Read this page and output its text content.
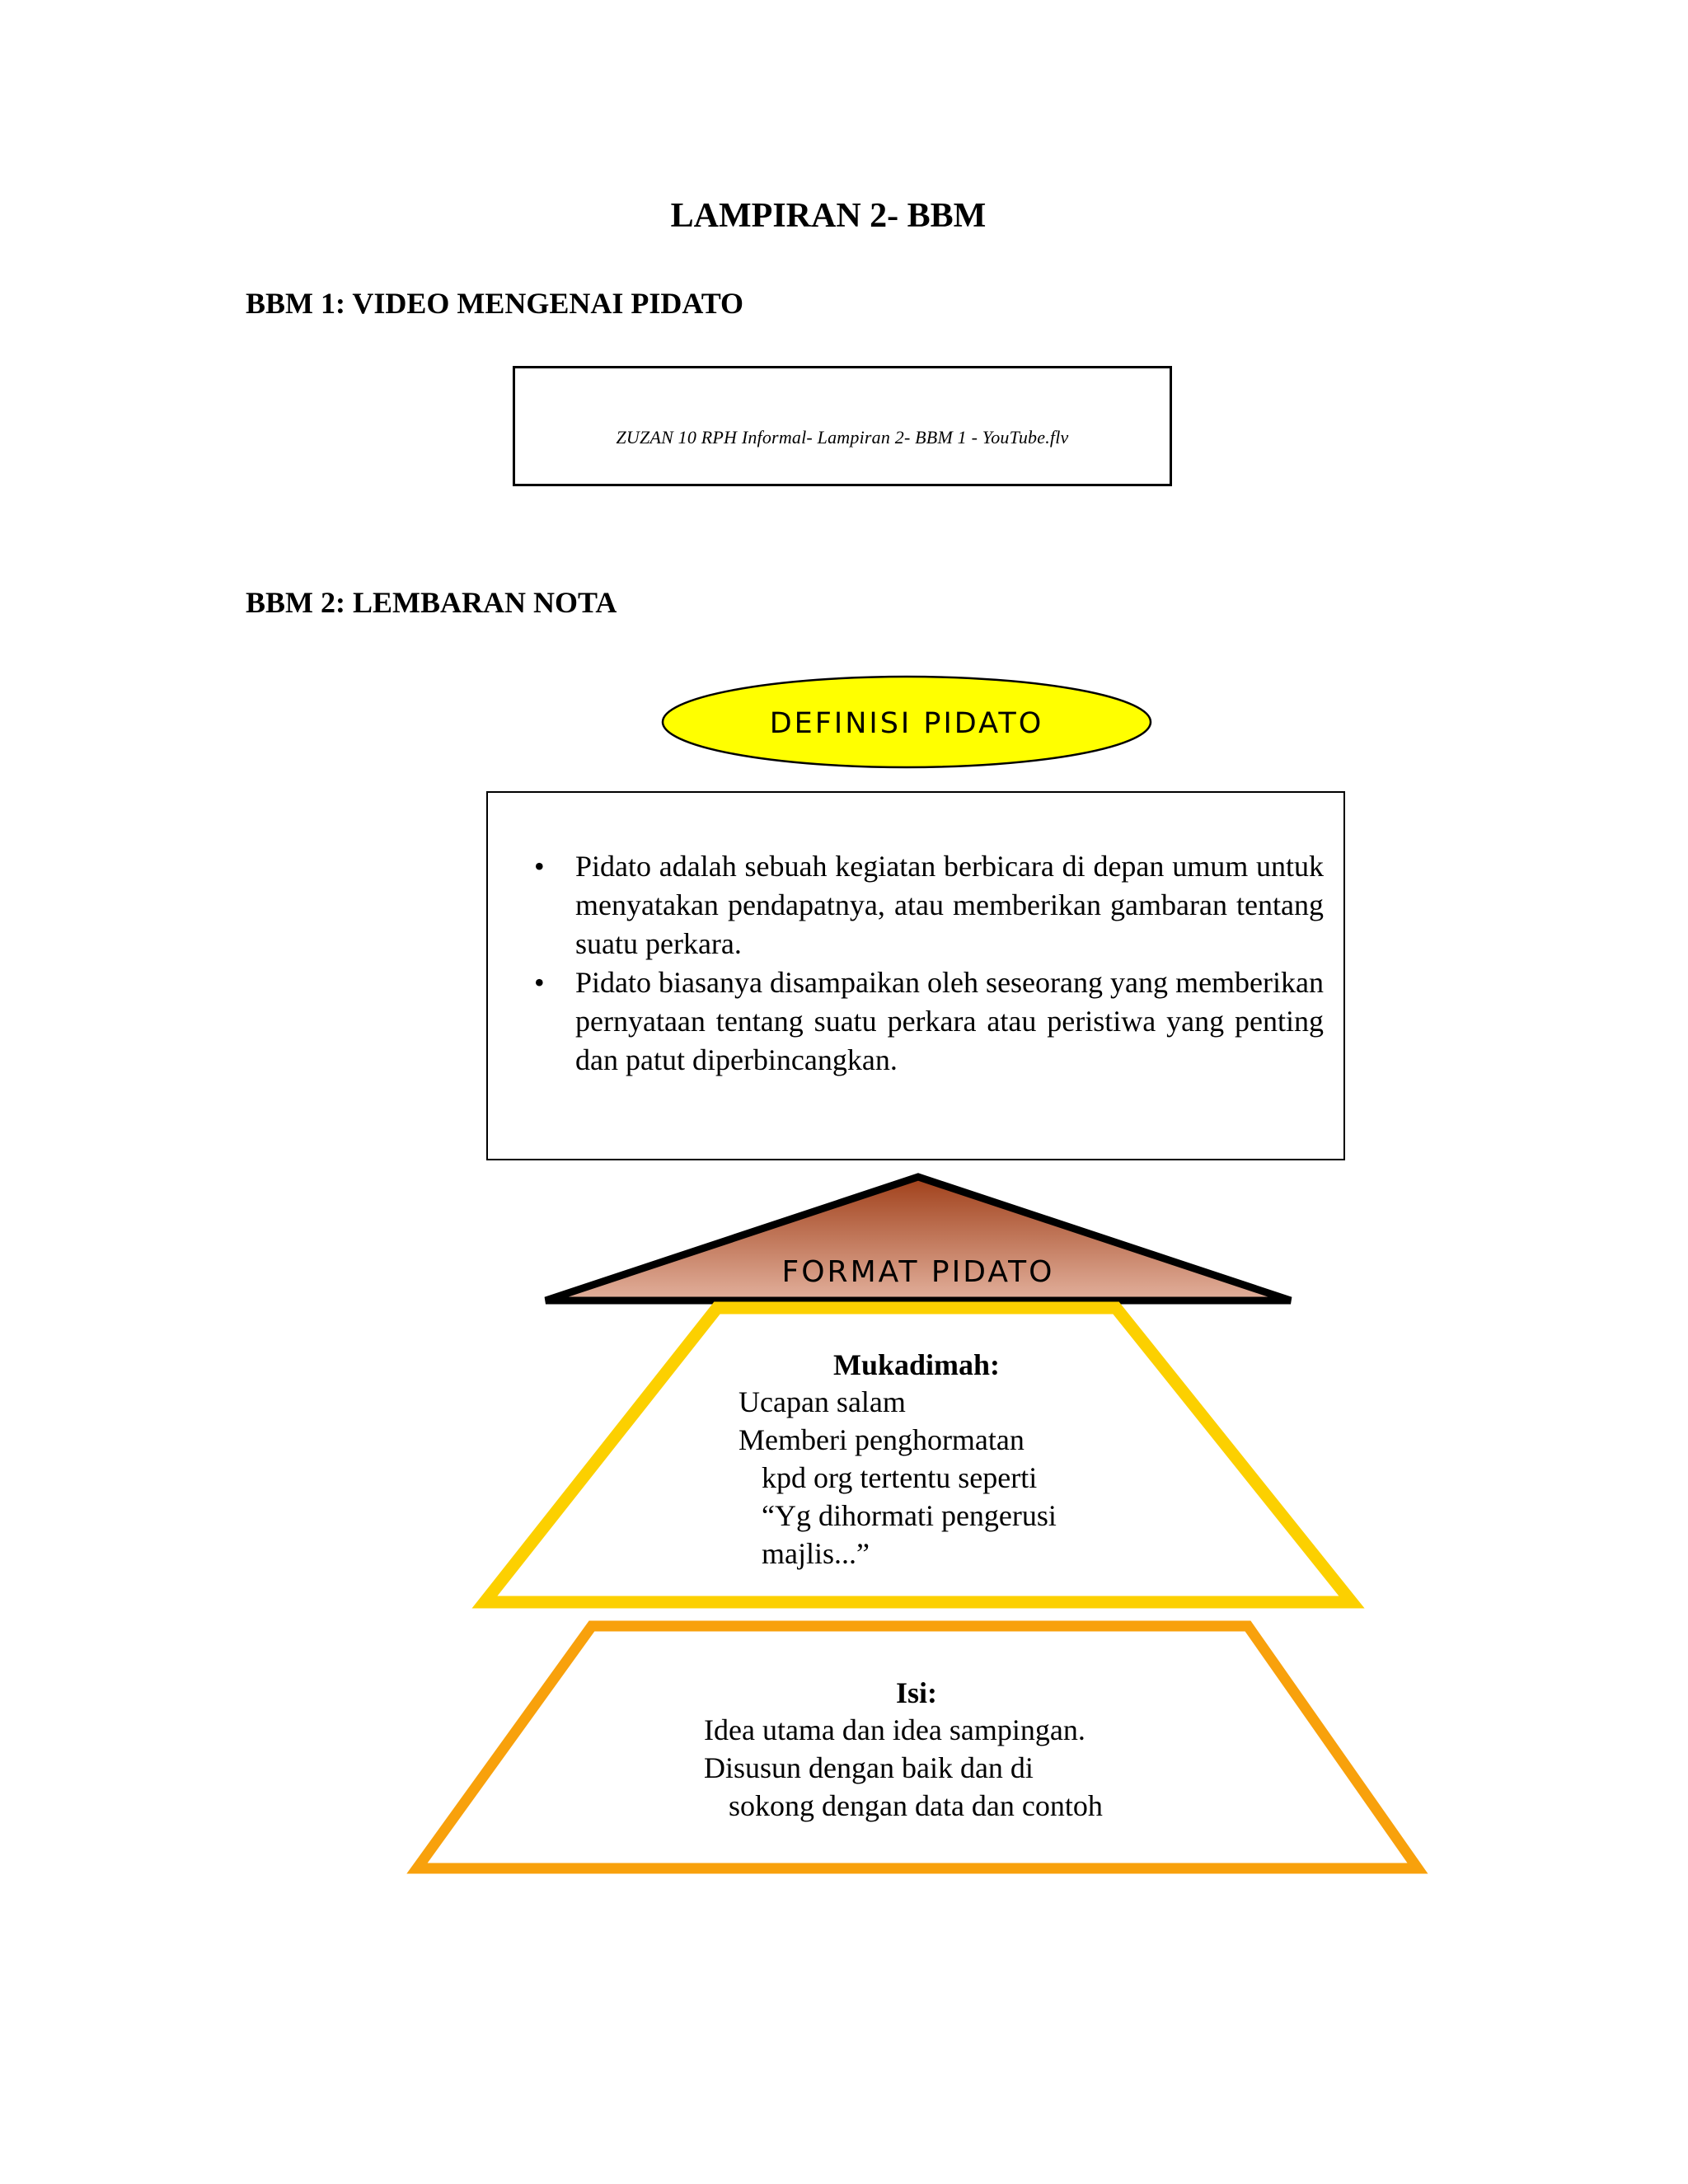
LAMPIRAN 2- BBM
BBM 1: VIDEO MENGENAI PIDATO
ZUZAN 10 RPH Informal- Lampiran 2- BBM 1 - YouTube.flv
BBM 2: LEMBARAN NOTA
• Pidato adalah sebuah kegiatan berbicara di depan umum untuk menyatakan pendapatnya, atau memberikan gambaran tentang suatu perkara.
• Pidato biasanya disampaikan oleh seseorang yang memberikan pernyataan tentang suatu perkara atau peristiwa yang penting dan patut diperbincangkan.
DEFINISI PIDATO
FORMAT PIDATO
Mukadimah:
Ucapan salam
Memberi penghormatan
kpd org tertentu seperti
“Yg dihormati pengerusi
majlis...”
Isi:
Idea utama dan idea sampingan.
Disusun dengan baik dan di
sokong dengan data dan contoh
